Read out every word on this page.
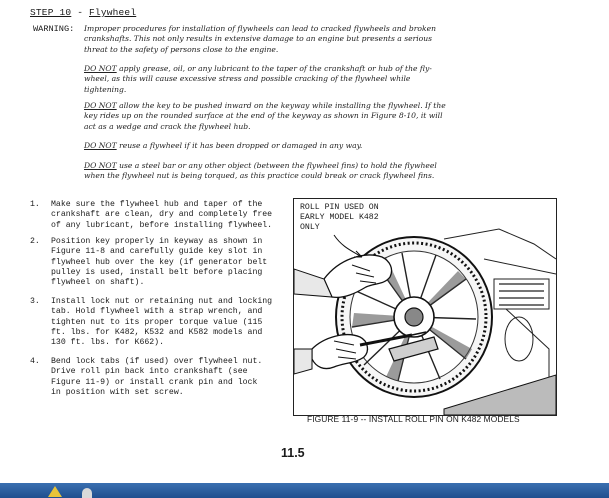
STEP 10 - Flywheel
WARNING: Improper procedures for installation of flywheels can lead to cracked flywheels and broken
crankshafts. This not only results in extensive damage to an engine but presents a serious
threat to the safety of persons close to the engine.
DO NOT apply grease, oil, or any lubricant to the taper of the crankshaft or hub of the fly-
wheel, as this will cause excessive stress and possible cracking of the flywheel while
tightening.
DO NOT allow the key to be pushed inward on the keyway while installing the flywheel. If the
key rides up on the rounded surface at the end of the keyway as shown in Figure 8-10, it will
act as a wedge and crack the flywheel hub.
DO NOT reuse a flywheel if it has been dropped or damaged in any way.
DO NOT use a steel bar or any other object (between the flywheel fins) to hold the flywheel
when the flywheel nut is being torqued, as this practice could break or crack flywheel fins.
1. Make sure the flywheel hub and taper of the
crankshaft are clean, dry and completely free
of any lubricant, before installing flywheel.
2. Position key properly in keyway as shown in
Figure 11-8 and carefully guide key slot in
flywheel hub over the key (if generator belt
pulley is used, install belt before placing
flywheel on shaft).
3. Install lock nut or retaining nut and locking
tab. Hold flywheel with a strap wrench, and
tighten nut to its proper torque value (115
ft. lbs. for K482, K532 and K582 models and
130 ft. lbs. for K662).
4. Bend lock tabs (if used) over flywheel nut.
Drive roll pin back into crankshaft (see
Figure 11-9) or install crank pin and lock
in position with set screw.
ROLL PIN USED ON
EARLY MODEL K482
ONLY
FIGURE 11-9 -- INSTALL ROLL PIN ON K482 MODELS
11.5
